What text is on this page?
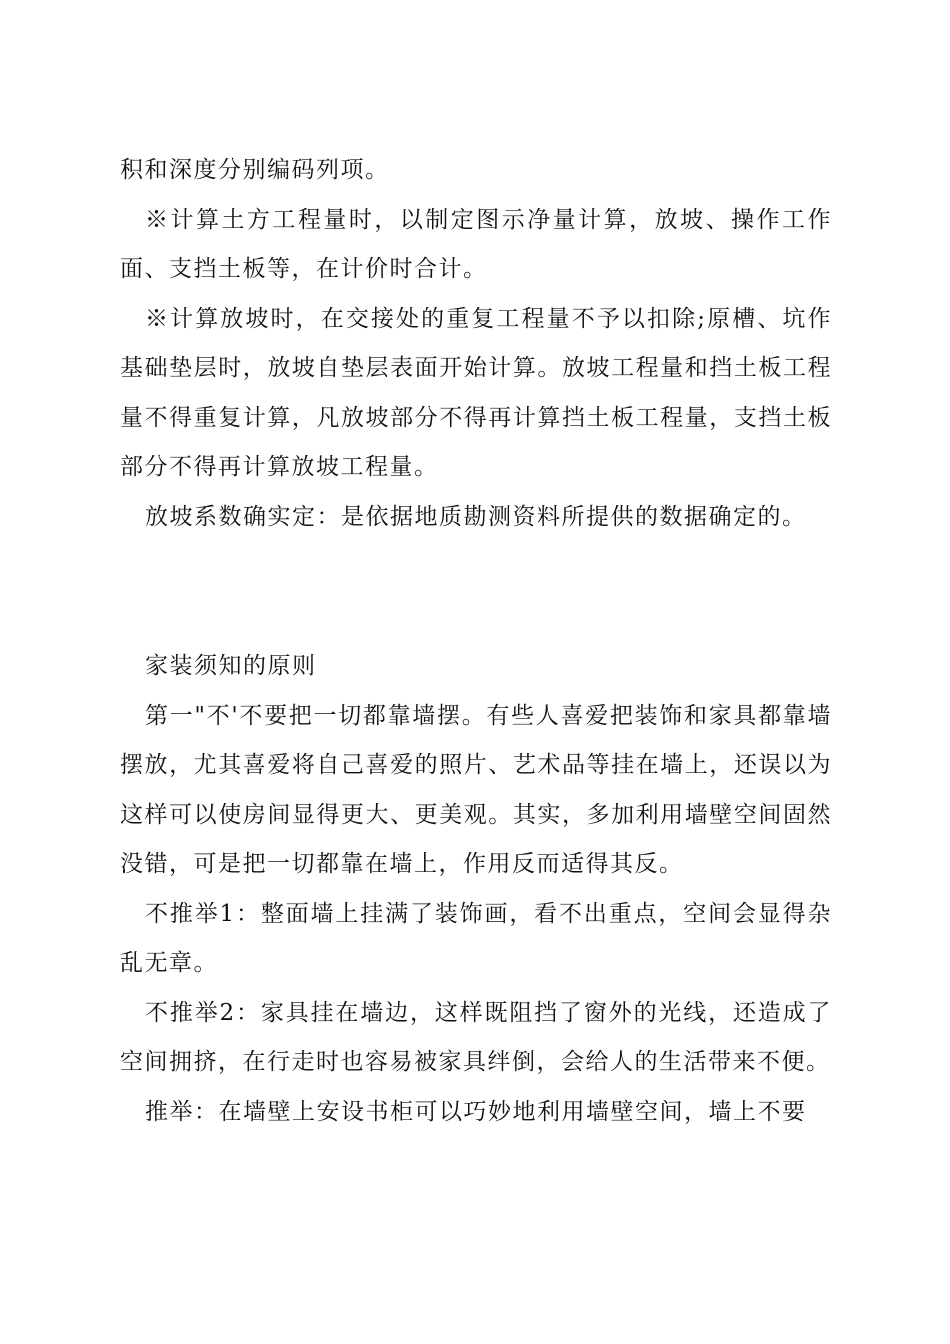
积和深度分别编码列项。

※计算土方工程量时，以制定图示净量计算，放坡、操作工作面、支挡土板等，在计价时合计。

※计算放坡时，在交接处的重复工程量不予以扣除;原槽、坑作基础垫层时，放坡自垫层表面开始计算。放坡工程量和挡土板工程量不得重复计算，凡放坡部分不得再计算挡土板工程量，支挡土板部分不得再计算放坡工程量。

放坡系数确实定：是依据地质勘测资料所提供的数据确定的。

家装须知的原则

第一"不'不要把一切都靠墙摆。有些人喜爱把装饰和家具都靠墙摆放，尤其喜爱将自己喜爱的照片、艺术品等挂在墙上，还误以为这样可以使房间显得更大、更美观。其实，多加利用墙壁空间固然没错，可是把一切都靠在墙上，作用反而适得其反。

不推举1：整面墙上挂满了装饰画，看不出重点，空间会显得杂乱无章。

不推举2：家具挂在墙边，这样既阻挡了窗外的光线，还造成了空间拥挤，在行走时也容易被家具绊倒，会给人的生活带来不便。

推举：在墙壁上安设书柜可以巧妙地利用墙壁空间，墙上不要
